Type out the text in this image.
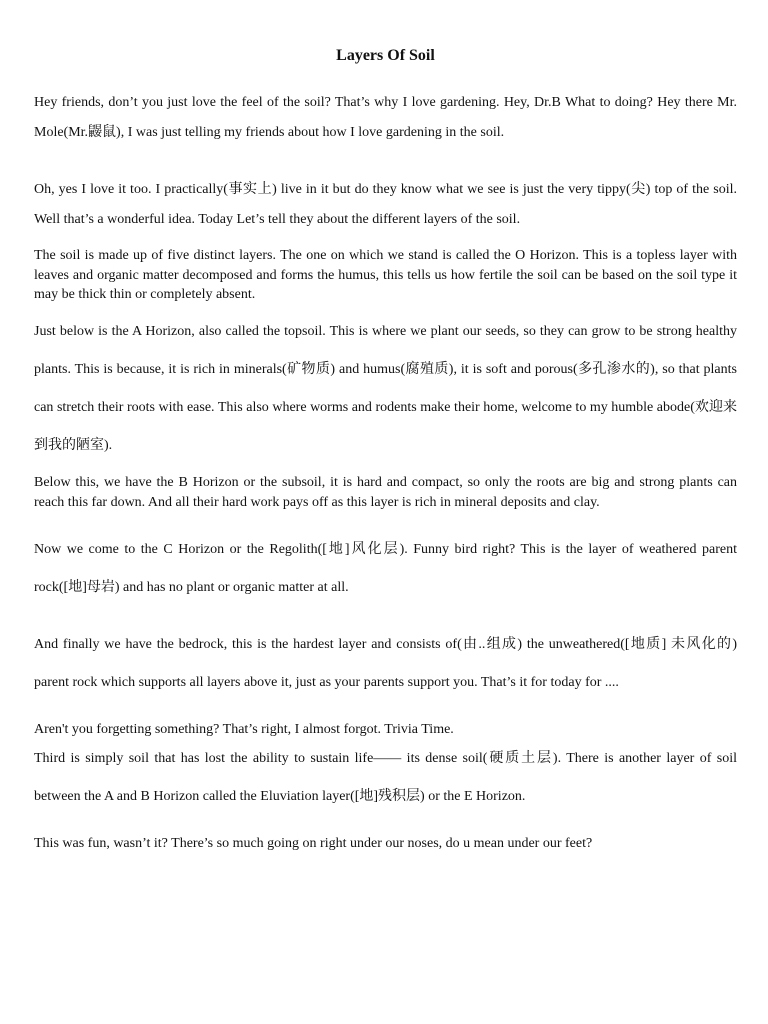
Layers Of Soil

Hey friends, don’t you just love the feel of the soil? That’s why I love gardening. Hey, Dr.B What to doing? Hey there Mr. Mole(Mr.鼹鼠), I was just telling my friends about how I love gardening in the soil.

Oh, yes I love it too. I practically(事实上) live in it but do they know what we see is just the very tippy(尖) top of the soil. Well that’s a wonderful idea. Today Let’s tell they about the different layers of the soil.

The soil is made up of five distinct layers. The one on which we stand is called the O Horizon. This is a topless layer with leaves and organic matter decomposed and forms the humus, this tells us how fertile the soil can be based on the soil type it may be thick thin or completely absent.

Just below is the A Horizon, also called the topsoil. This is where we plant our seeds, so they can grow to be strong healthy plants. This is because, it is rich in minerals(矿物质) and humus(腐殖质), it is soft and porous(多孔渗水的), so that plants can stretch their roots with ease. This also where worms and rodents make their home, welcome to my humble abode(欢迎来到我的陋室).

Below this, we have the B Horizon or the subsoil, it is hard and compact, so only the roots are big and strong plants can reach this far down. And all their hard work pays off as this layer is rich in mineral deposits and clay.

Now we come to the C Horizon or the Regolith([地]风化层). Funny bird right? This is the layer of weathered parent rock([地]母岩) and has no plant or organic matter at all.

And finally we have the bedrock, this is the hardest layer and consists of(由..组成) the unweathered([地质] 未风化的) parent rock which supports all layers above it, just as your parents support you. That’s it for today for ....

Aren't you forgetting something? That’s right, I almost forgot. Trivia Time.

Third is simply soil that has lost the ability to sustain life—— its dense soil(硬质土层). There is another layer of soil between the A and B Horizon called the Eluviation layer([地]残积层) or the E Horizon.

This was fun, wasn’t it? There’s so much going on right under our noses, do u mean under our feet?
